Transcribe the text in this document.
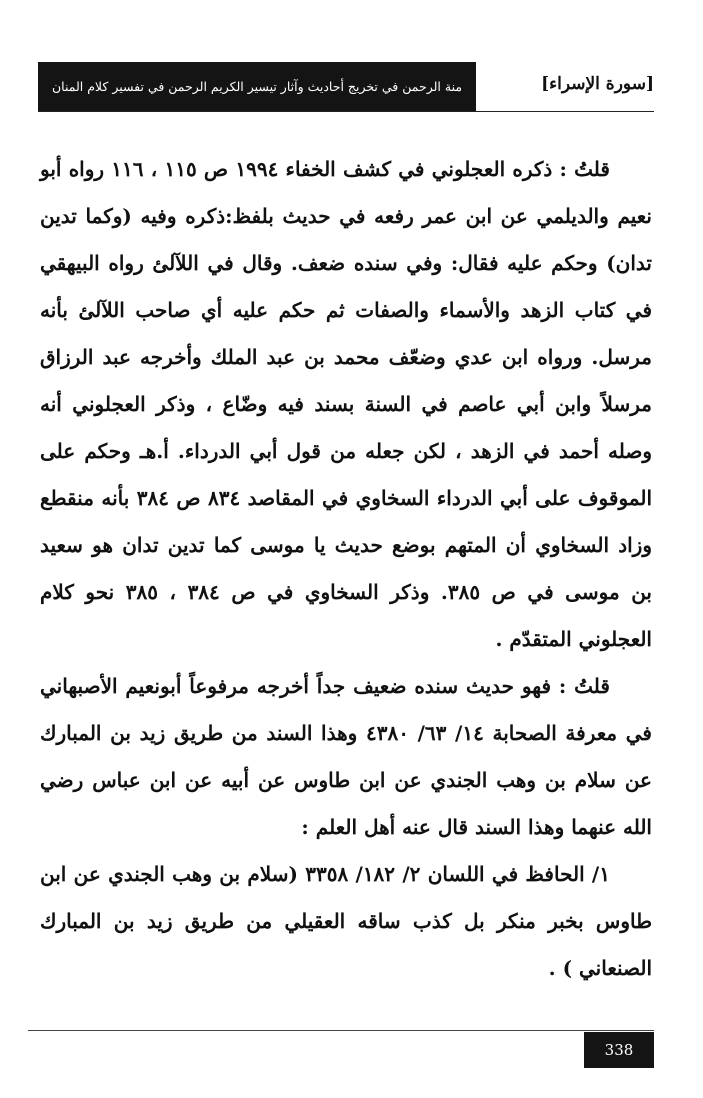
[سورة الإسراء]
منة الرحمن في تخريج أحاديث وآثار تيسير الكريم الرحمن في تفسير كلام المنان

قلتُ : ذكره العجلوني في كشف الخفاء ١٩٩٤ ص ١١٥ ، ١١٦ رواه أبو نعيم والديلمي عن ابن عمر رفعه في حديث بلفظ:ذكره وفيه (وكما تدين تدان) وحكم عليه فقال: وفي سنده ضعف. وقال في اللآلئ رواه البيهقي في كتاب الزهد والأسماء والصفات ثم حكم عليه أي صاحب اللآلئ بأنه مرسل. ورواه ابن عدي وضعّف محمد بن عبد الملك وأخرجه عبد الرزاق مرسلاً وابن أبي عاصم في السنة بسند فيه وضّاع ، وذكر العجلوني أنه وصله أحمد في الزهد ، لكن جعله من قول أبي الدرداء. أ.هـ وحكم على الموقوف على أبي الدرداء السخاوي في المقاصد ٨٣٤ ص ٣٨٤ بأنه منقطع وزاد السخاوي أن المتهم بوضع حديث يا موسى كما تدين تدان هو سعيد بن موسى في ص ٣٨٥. وذكر السخاوي في ص ٣٨٤ ، ٣٨٥ نحو كلام العجلوني المتقدّم .

قلتُ : فهو حديث سنده ضعيف جداً أخرجه مرفوعاً أبونعيم الأصبهاني في معرفة الصحابة ١٤/ ٦٣/ ٤٣٨٠ وهذا السند من طريق زيد بن المبارك عن سلام بن وهب الجندي عن ابن طاوس عن أبيه عن ابن عباس رضي الله عنهما وهذا السند قال عنه أهل العلم :

١/ الحافظ في اللسان ٢/ ١٨٢/ ٣٣٥٨ (سلام بن وهب الجندي عن ابن طاوس بخبر منكر بل كذب ساقه العقيلي من طريق زيد بن المبارك الصنعاني ) .

338
